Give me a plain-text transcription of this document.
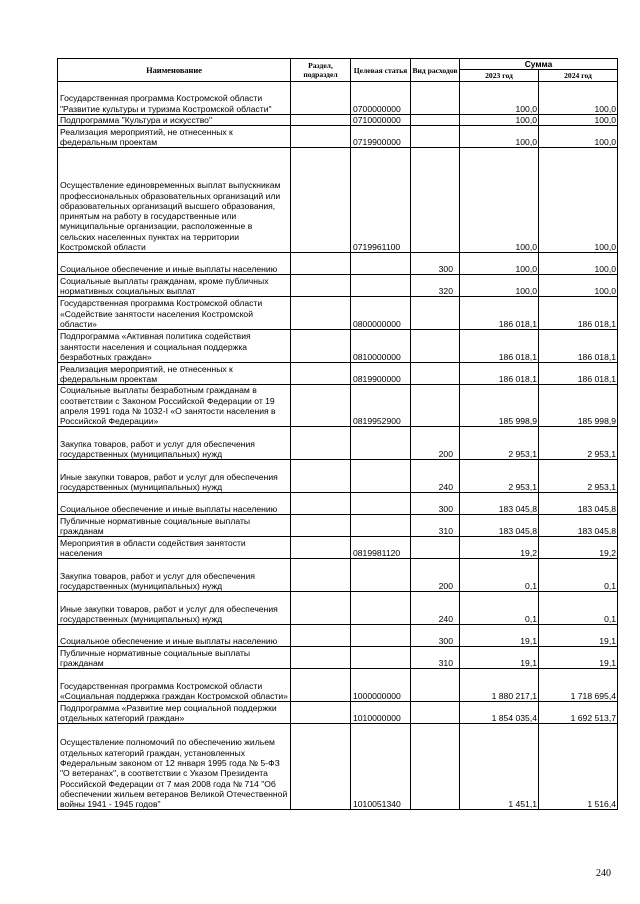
Наименование	Раздел, подраздел	Целевая статья	Вид расходов	Сумма	
				2023 год	2024 год
Государственная программа Костромской области "Развитие культуры и туризма Костромской области"		0700000000		100,0	100,0
Подпрограмма "Культура и искусство"		0710000000		100,0	100,0
Реализация мероприятий, не отнесенных к федеральным проектам		0719900000		100,0	100,0
Осуществление единовременных выплат выпускникам профессиональных образовательных организаций или образовательных организаций высшего образования, принятым на работу в государственные или муниципальные организации, расположенные в сельских населенных пунктах на территории Костромской области		0719961100		100,0	100,0
Социальное обеспечение и иные выплаты населению			300	100,0	100,0
Социальные выплаты гражданам, кроме публичных нормативных социальных выплат			320	100,0	100,0
Государственная программа Костромской области «Содействие занятости населения Костромской области»		0800000000		186 018,1	186 018,1
Подпрограмма «Активная политика содействия занятости населения и социальная поддержка безработных граждан»		0810000000		186 018,1	186 018,1
Реализация мероприятий, не отнесенных к федеральным проектам		0819900000		186 018,1	186 018,1
Социальные выплаты безработным гражданам в соответствии с Законом Российской Федерации от 19 апреля 1991 года № 1032-I «О занятости населения в Российской Федерации»		0819952900		185 998,9	185 998,9
Закупка товаров, работ и услуг для обеспечения государственных (муниципальных) нужд			200	2 953,1	2 953,1
Иные закупки товаров, работ и услуг для обеспечения государственных (муниципальных) нужд			240	2 953,1	2 953,1
Социальное обеспечение и иные выплаты населению			300	183 045,8	183 045,8
Публичные нормативные социальные выплаты гражданам			310	183 045,8	183 045,8
Мероприятия в области содействия занятости населения		0819981120		19,2	19,2
Закупка товаров, работ и услуг для обеспечения государственных (муниципальных) нужд			200	0,1	0,1
Иные закупки товаров, работ и услуг для обеспечения государственных (муниципальных) нужд			240	0,1	0,1
Социальное обеспечение и иные выплаты населению			300	19,1	19,1
Публичные нормативные социальные выплаты гражданам			310	19,1	19,1
Государственная программа Костромской области «Социальная поддержка граждан Костромской области»		1000000000		1 880 217,1	1 718 695,4
Подпрограмма «Развитие мер социальной поддержки отдельных категорий граждан»		1010000000		1 854 035,4	1 692 513,7
Осуществление полномочий по обеспечению жильем отдельных категорий граждан, установленных Федеральным законом от 12 января 1995 года № 5-ФЗ "О ветеранах", в соответствии с Указом Президента Российской Федерации от 7 мая 2008 года № 714 "Об обеспечении жильем ветеранов Великой Отечественной войны 1941 - 1945 годов"		1010051340		1 451,1	1 516,4
240
